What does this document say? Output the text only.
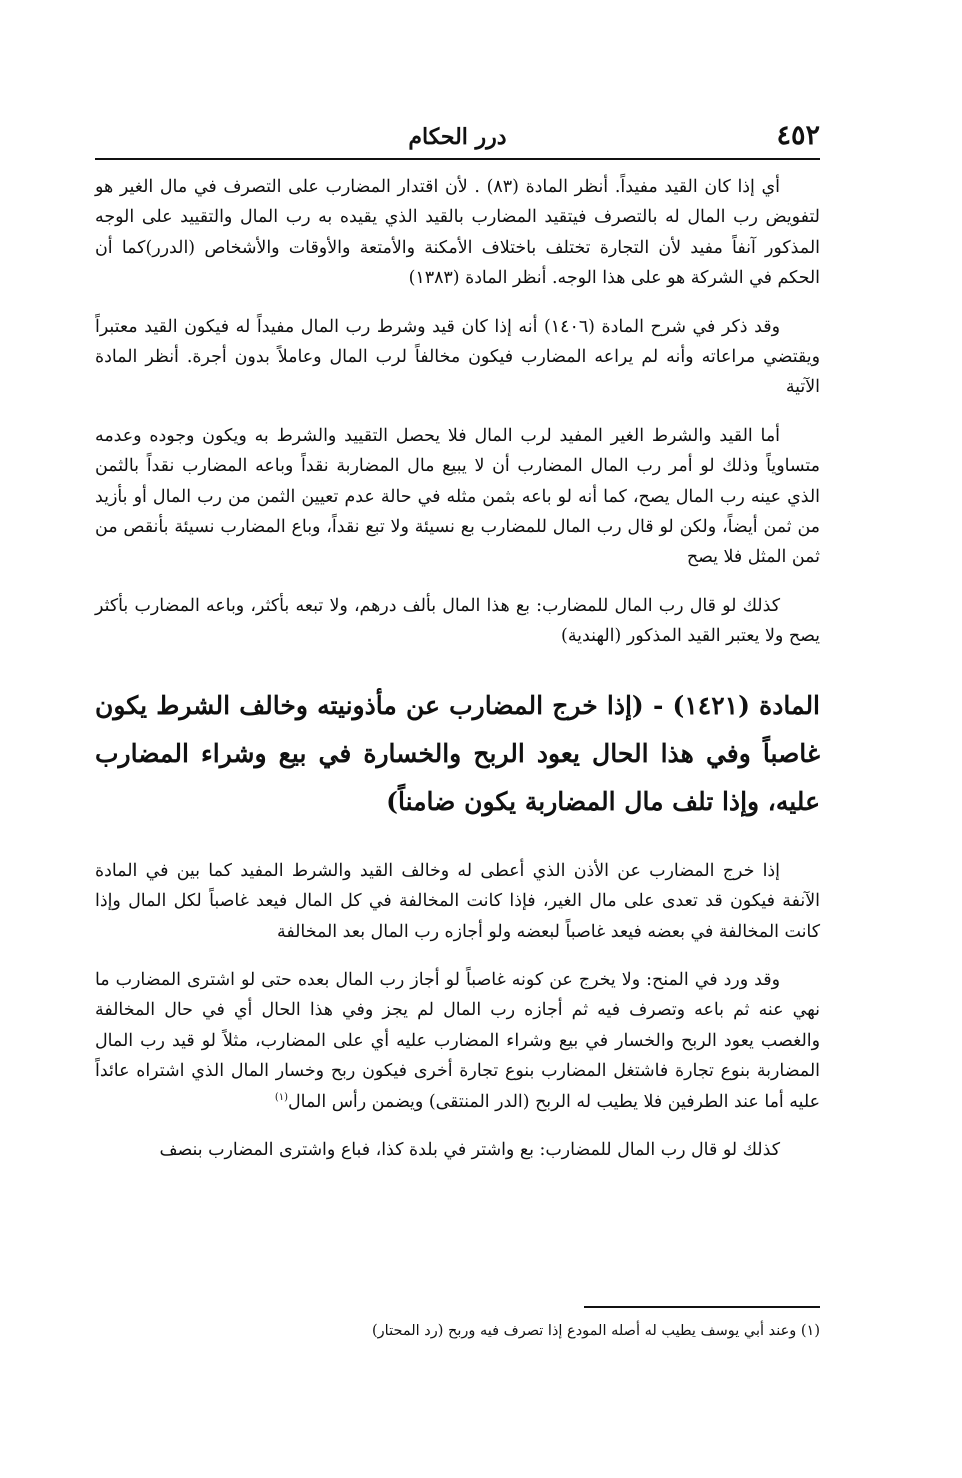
٤٥٢
درر الحكام

أي إذا كان القيد مفيداً. أنظر المادة (٨٣) . لأن اقتدار المضارب على التصرف في مال الغير هو لتفويض رب المال له بالتصرف فيتقيد المضارب بالقيد الذي يقيده به رب المال والتقييد على الوجه المذكور آنفاً مفيد لأن التجارة تختلف باختلاف الأمكنة والأمتعة والأوقات والأشخاص (الدرر)كما أن الحكم في الشركة هو على هذا الوجه. أنظر المادة (١٣٨٣)

وقد ذكر في شرح المادة (١٤٠٦) أنه إذا كان قيد وشرط رب المال مفيداً له فيكون القيد معتبراً ويقتضي مراعاته وأنه لم يراعه المضارب فيكون مخالفاً لرب المال وعاملاً بدون أجرة. أنظر المادة الآتية

أما القيد والشرط الغير المفيد لرب المال فلا يحصل التقييد والشرط به ويكون وجوده وعدمه متساوياً وذلك لو أمر رب المال المضارب أن لا يبيع مال المضاربة نقداً وباعه المضارب نقداً بالثمن الذي عينه رب المال يصح، كما أنه لو باعه بثمن مثله في حالة عدم تعيين الثمن من رب المال أو بأزيد من ثمن أيضاً، ولكن لو قال رب المال للمضارب بع نسيئة ولا تبع نقداً، وباع المضارب نسيئة بأنقص من ثمن المثل فلا يصح

كذلك لو قال رب المال للمضارب: بع هذا المال بألف درهم، ولا تبعه بأكثر، وباعه المضارب بأكثر يصح ولا يعتبر القيد المذكور (الهندية)

المادة (١٤٢١) - (إذا خرج المضارب عن مأذونيته وخالف الشرط يكون غاصباً وفي هذا الحال يعود الربح والخسارة في بيع وشراء المضارب عليه، وإذا تلف مال المضاربة يكون ضامناً)

إذا خرج المضارب عن الأذن الذي أعطى له وخالف القيد والشرط المفيد كما بين في المادة الآنفة فيكون قد تعدى على مال الغير، فإذا كانت المخالفة في كل المال فيعد غاصباً لكل المال وإذا كانت المخالفة في بعضه فيعد غاصباً لبعضه ولو أجازه رب المال بعد المخالفة

وقد ورد في المنح: ولا يخرج عن كونه غاصباً لو أجاز رب المال بعده حتى لو اشترى المضارب ما نهي عنه ثم باعه وتصرف فيه ثم أجازه رب المال لم يجز وفي هذا الحال أي في حال المخالفة والغصب يعود الربح والخسار في بيع وشراء المضارب عليه أي على المضارب، مثلاً لو قيد رب المال المضاربة بنوع تجارة فاشتغل المضارب بنوع تجارة أخرى فيكون ربح وخسار المال الذي اشتراه عائداً عليه أما عند الطرفين فلا يطيب له الربح (الدر المنتقى) ويضمن رأس المال$^{(١)}$

كذلك لو قال رب المال للمضارب: بع واشتر في بلدة كذا، فباع واشترى المضارب بنصف

(١) وعند أبي يوسف يطيب له أصله المودع إذا تصرف فيه وربح (رد المحتار)
